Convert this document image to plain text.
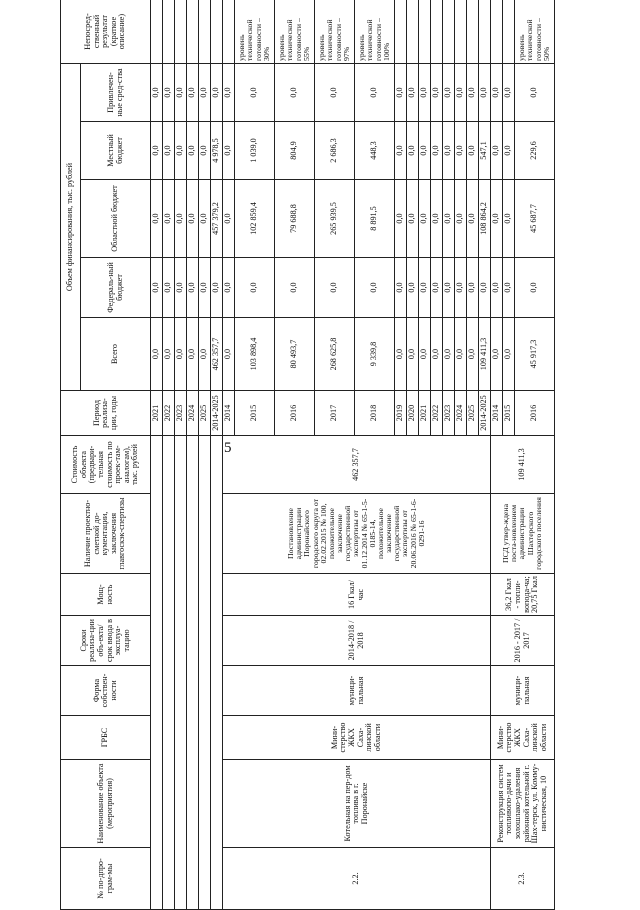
5
№ по-дпро-грам-мы	Наименование объекта (мероприятия)	ГРБС	Форма собствен-ности	Сроки реализа-ции объ-екта/срок ввода в эксплуа-тацию	Мощ-ность	Наличие проектно-сметной до-кументации, заключения главгоскэк-спертизы	Стоимость объекта (предвари-тельная стоимость по проек-там-аналогам), тыс. рублей	Период реализа-ции, годы	Объем финансирования, тыс. рублей					Непосред-ственный результат (краткое описание)
									Всего	Федераль-ный бюджет	Областной бюджет	Местный бюджет	Привлечен-ные сред-ства	
								2021	0,0	0,0	0,0	0,0	0,0	
								2022	0,0	0,0	0,0	0,0	0,0	
								2023	0,0	0,0	0,0	0,0	0,0	
								2024	0,0	0,0	0,0	0,0	0,0	
								2025	0,0	0,0	0,0	0,0	0,0	
								2014-2025	462 357,7	0,0	457 379,2	4 978,5	0,0	
2.2.	Котельная на пер-дом топлива в г. Поронайске	Мини-стерство ЖКХ Саха-линской области	муници-пальная	2014-2018 / 2018	16 Гкал/час	Постановление администрации Поронайского городского округа от 02.02.2015 № 100, положительное заключение государственной экспертизы от 01.12.2014 № 65-1-5-0185-14, положительное заключение государственной экспертизы от 20.06.2016 № 65-1-6-0291-16	462 357,7	2014	0,0	0,0	0,0	0,0	0,0	
								2015	103 898,4	0,0	102 859,4	1 039,0	0,0	уровень технической готовности – 30%
								2016	80 493,7	0,0	79 688,8	804,9	0,0	уровень технической готовности – 55%
								2017	268 625,8	0,0	265 939,5	2 686,3	0,0	уровень технической готовности – 97%
								2018	9 339,8	0,0	8 891,5	448,3	0,0	уровень технической готовности – 100%
								2019	0,0	0,0	0,0	0,0	0,0	
								2020	0,0	0,0	0,0	0,0	0,0	
								2021	0,0	0,0	0,0	0,0	0,0	
								2022	0,0	0,0	0,0	0,0	0,0	
								2023	0,0	0,0	0,0	0,0	0,0	
								2024	0,0	0,0	0,0	0,0	0,0	
								2025	0,0	0,0	0,0	0,0	0,0	
								2014-2025	109 411,3	0,0	108 864,2	547,1	0,0	
2.3.	Реконструкция систем топливопо-дачи и золошлако-удаления районной котельной г. Шах-терск, ул. Комму-нистическая, 10	Мини-стерство ЖКХ Саха-линской области	муници-пальная	2016 - 2017 / 2017	36,2 Гкал - топли-вопода-ча; 20,75 Гкал	ПСД утвер-ждена поста-новлением администрации Шахтерского городского поселения	109 411,3	2014	0,0	0,0	0,0	0,0	0,0	
								2015	0,0	0,0	0,0	0,0	0,0	
								2016	45 917,3	0,0	45 687,7	229,6	0,0	уровень технической готовности – 50%
